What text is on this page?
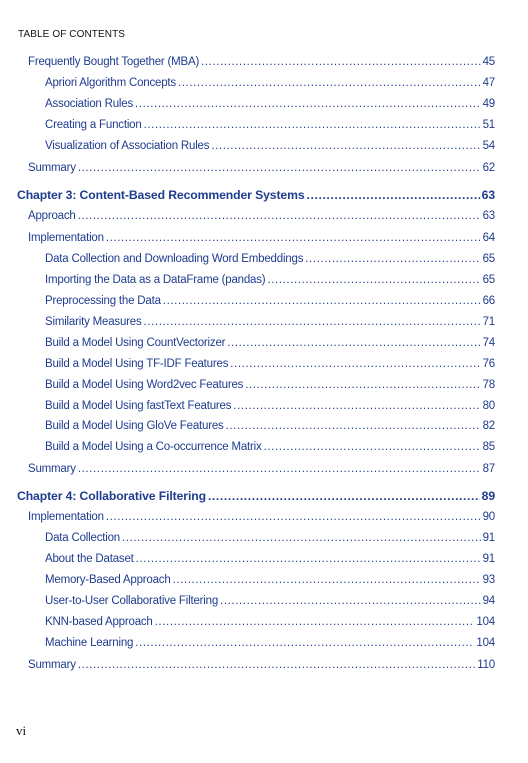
TABLE OF CONTENTS
Frequently Bought Together (MBA) .....	45
Apriori Algorithm Concepts .....	47
Association Rules .....	49
Creating a Function .....	51
Visualization of Association Rules .....	54
Summary .....	62
Chapter 3: Content-Based Recommender Systems .....	63
Approach .....	63
Implementation .....	64
Data Collection and Downloading Word Embeddings .....	65
Importing the Data as a DataFrame (pandas) .....	65
Preprocessing the Data .....	66
Similarity Measures .....	71
Build a Model Using CountVectorizer .....	74
Build a Model Using TF-IDF Features .....	76
Build a Model Using Word2vec Features .....	78
Build a Model Using fastText Features .....	80
Build a Model Using GloVe Features .....	82
Build a Model Using a Co-occurrence Matrix .....	85
Summary .....	87
Chapter 4: Collaborative Filtering .....	89
Implementation .....	90
Data Collection .....	91
About the Dataset .....	91
Memory-Based Approach .....	93
User-to-User Collaborative Filtering .....	94
KNN-based Approach .....	104
Machine Learning .....	104
Summary .....	110
vi
